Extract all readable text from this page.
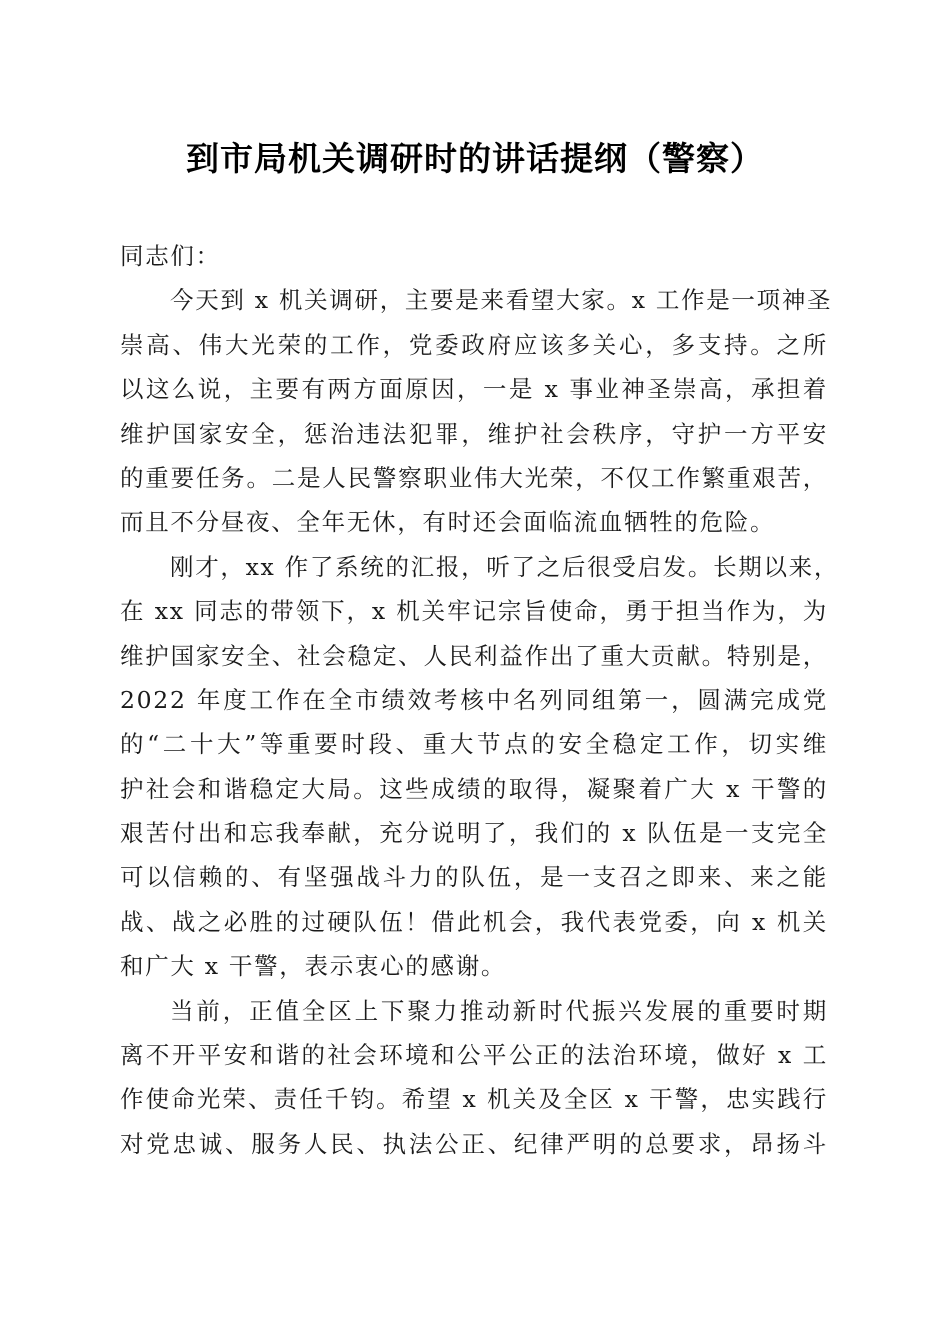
到市局机关调研时的讲话提纲（警察）
同志们：
今天到 x 机关调研，主要是来看望大家。x 工作是一项神圣
崇高、伟大光荣的工作，党委政府应该多关心，多支持。之所
以这么说，主要有两方面原因，一是 x 事业神圣崇高，承担着
维护国家安全，惩治违法犯罪，维护社会秩序，守护一方平安
的重要任务。二是人民警察职业伟大光荣，不仅工作繁重艰苦，
而且不分昼夜、全年无休，有时还会面临流血牺牲的危险。
刚才，xx 作了系统的汇报，听了之后很受启发。长期以来，
在 xx 同志的带领下，x 机关牢记宗旨使命，勇于担当作为，为
维护国家安全、社会稳定、人民利益作出了重大贡献。特别是，
2022 年度工作在全市绩效考核中名列同组第一，圆满完成党
的“二十大”等重要时段、重大节点的安全稳定工作，切实维
护社会和谐稳定大局。这些成绩的取得，凝聚着广大 x 干警的
艰苦付出和忘我奉献，充分说明了，我们的 x 队伍是一支完全
可以信赖的、有坚强战斗力的队伍，是一支召之即来、来之能
战、战之必胜的过硬队伍！借此机会，我代表党委，向 x 机关
和广大 x 干警，表示衷心的感谢。
当前，正值全区上下聚力推动新时代振兴发展的重要时期
离不开平安和谐的社会环境和公平公正的法治环境，做好 x 工
作使命光荣、责任千钧。希望 x 机关及全区 x 干警，忠实践行
对党忠诚、服务人民、执法公正、纪律严明的总要求，昂扬斗
